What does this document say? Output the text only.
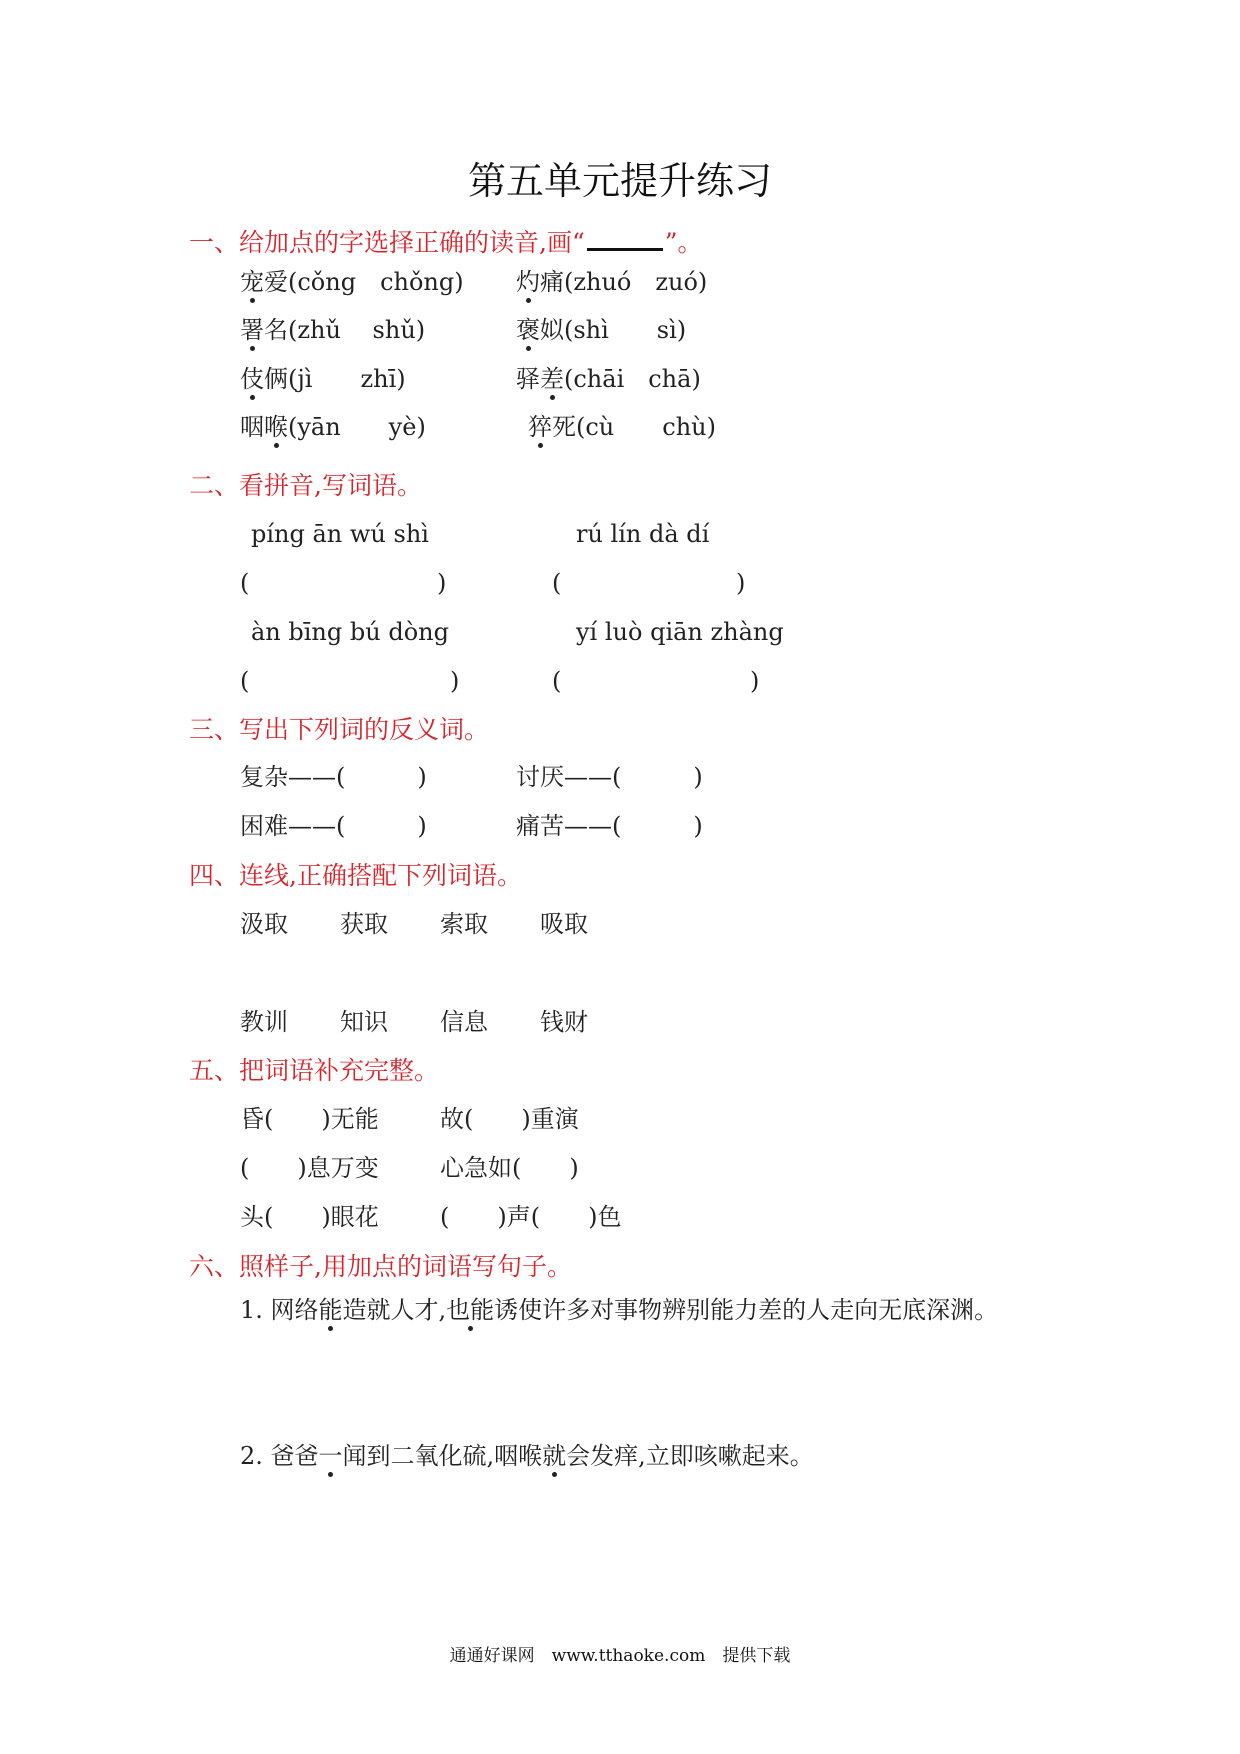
第五单元提升练习
一、给加点的字选择正确的读音,画“	”。
宠爱(cǒng　chǒng) 灼痛(zhuó　zuó)
署名(zhǔ　 shǔ)	褒姒(shì　　sì)
伎俩(jì　　zhī)	驿差(chāi　chā)
咽喉(yān　　yè)	猝死(cù　　chù)
二、看拼音,写词语。
píng ān wú shì	rú lín dà dí
(	)	(	)
àn bīng bú dòng	yí luò qiān zhàng
(	)	(	)
三、写出下列词的反义词。
复杂——(　　　)	讨厌——(　　　)
困难——(　　　)	痛苦——(　　　)
四、连线,正确搭配下列词语。
汲取 获取 索取 吸取
教训 知识 信息 钱财
五、把词语补充完整。
昏(　　)无能	故(　　)重演
(　　)息万变	心急如(　　)
头(　　)眼花	(　　)声(　　)色
六、照样子,用加点的词语写句子。
1. 网络能造就人才,也能诱使许多对事物辨别能力差的人走向无底深渊。
2. 爸爸一闻到二氧化硫,咽喉就会发痒,立即咳嗽起来。
通通好课网　www.tthaoke.com　提供下载
